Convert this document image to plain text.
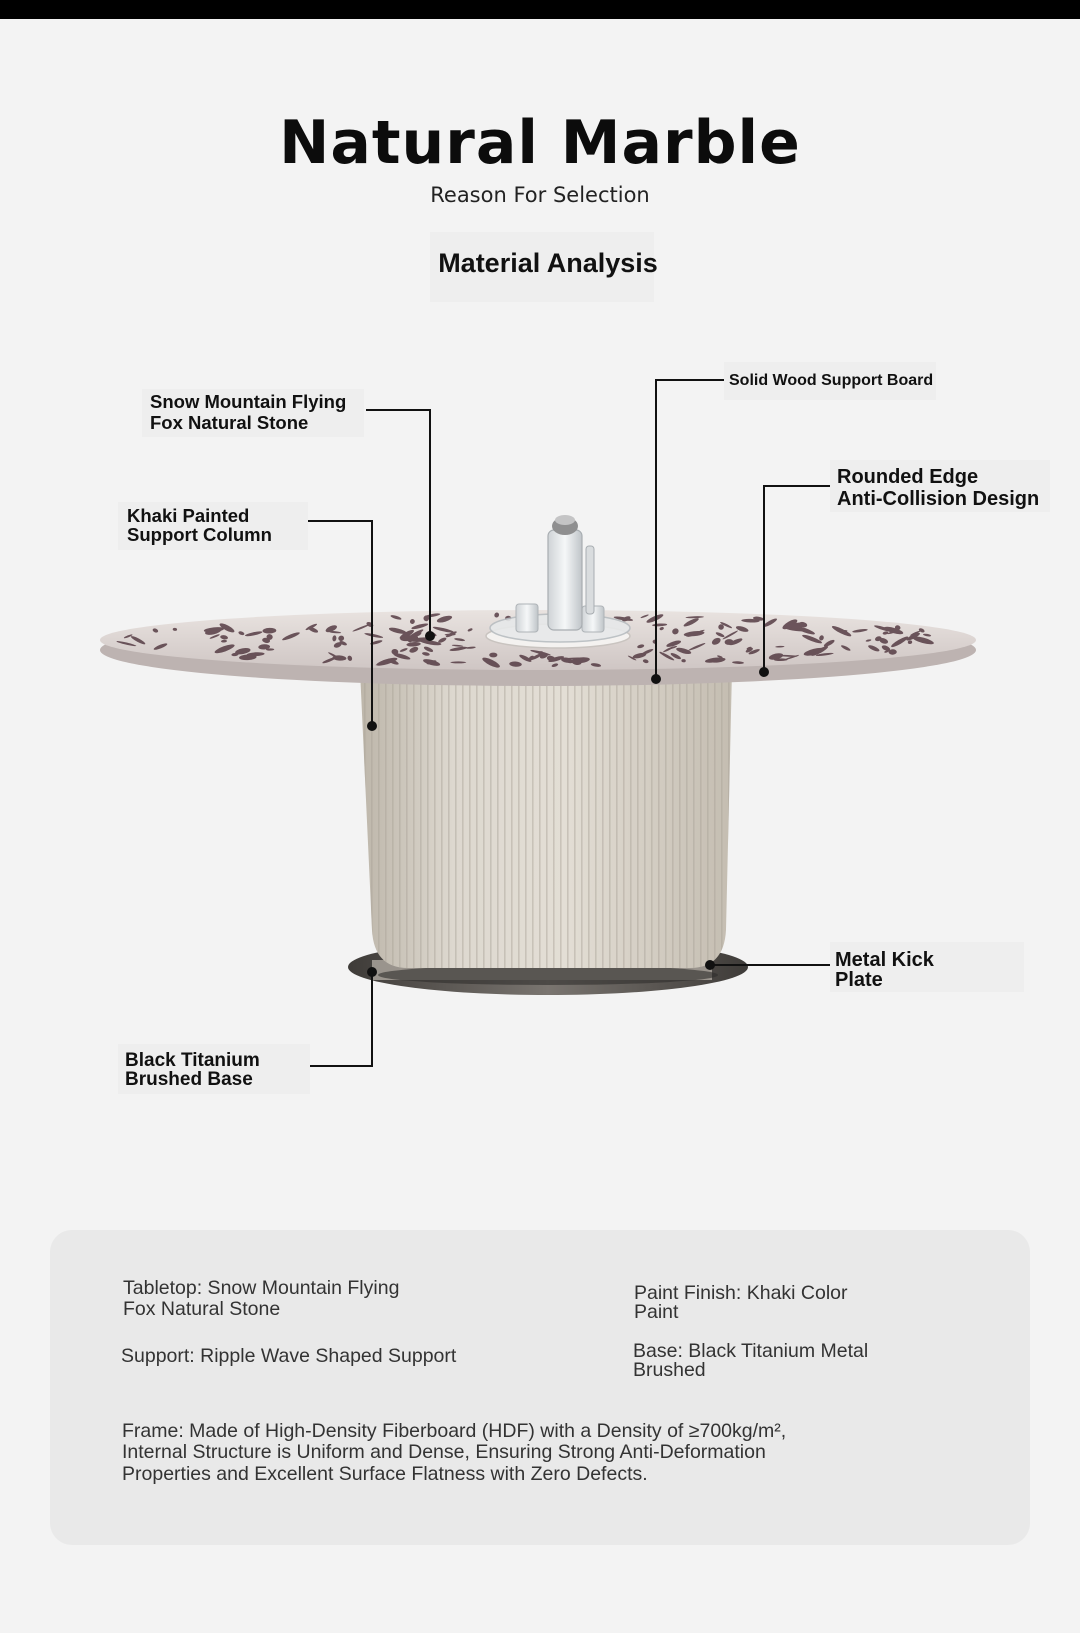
Natural Marble
Reason For Selection
Material Analysis
Snow Mountain Flying
Fox Natural Stone
Solid Wood Support Board
Khaki Painted
Support Column
Rounded Edge
Anti-Collision Design
Metal Kick
Plate
Black Titanium
Brushed Base
Tabletop: Snow Mountain Flying
Fox Natural Stone
Paint Finish: Khaki Color
Paint
Support: Ripple Wave Shaped Support	Base: Black Titanium Metal
Brushed
Frame: Made of High-Density Fiberboard (HDF) with a Density of ≥700kg/m²,
Internal Structure is Uniform and Dense, Ensuring Strong Anti-Deformation
Properties and Excellent Surface Flatness with Zero Defects.
